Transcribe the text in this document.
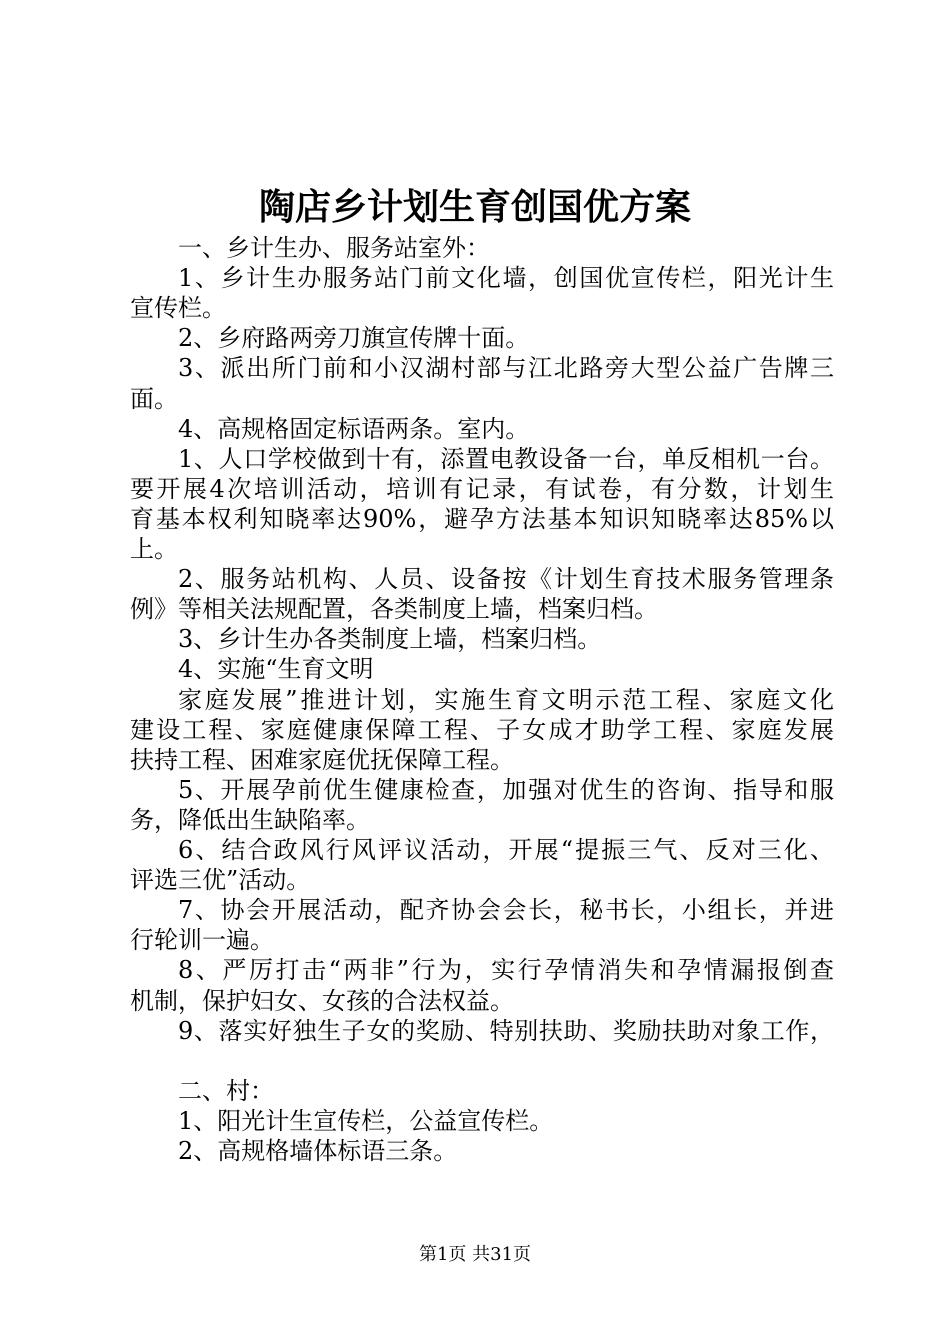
陶店乡计划生育创国优方案
一、乡计生办、服务站室外：
1、乡计生办服务站门前文化墙，创国优宣传栏，阳光计生
宣传栏。
2、乡府路两旁刀旗宣传牌十面。
3、派出所门前和小汉湖村部与江北路旁大型公益广告牌三
面。
4、高规格固定标语两条。室内。
1、人口学校做到十有，添置电教设备一台，单反相机一台。
要开展4次培训活动，培训有记录，有试卷，有分数，计划生
育基本权利知晓率达90%，避孕方法基本知识知晓率达85%以
上。
2、服务站机构、人员、设备按《计划生育技术服务管理条
例》等相关法规配置，各类制度上墙，档案归档。
3、乡计生办各类制度上墙，档案归档。
4、实施“生育文明
家庭发展”推进计划，实施生育文明示范工程、家庭文化
建设工程、家庭健康保障工程、子女成才助学工程、家庭发展
扶持工程、困难家庭优抚保障工程。
5、开展孕前优生健康检查，加强对优生的咨询、指导和服
务，降低出生缺陷率。
6、结合政风行风评议活动，开展“提振三气、反对三化、
评选三优”活动。
7、协会开展活动，配齐协会会长，秘书长，小组长，并进
行轮训一遍。
8、严厉打击“两非”行为，实行孕情消失和孕情漏报倒查
机制，保护妇女、女孩的合法权益。
9、落实好独生子女的奖励、特别扶助、奖励扶助对象工作，
二、村：
1、阳光计生宣传栏，公益宣传栏。
2、高规格墙体标语三条。
第1页 共31页
